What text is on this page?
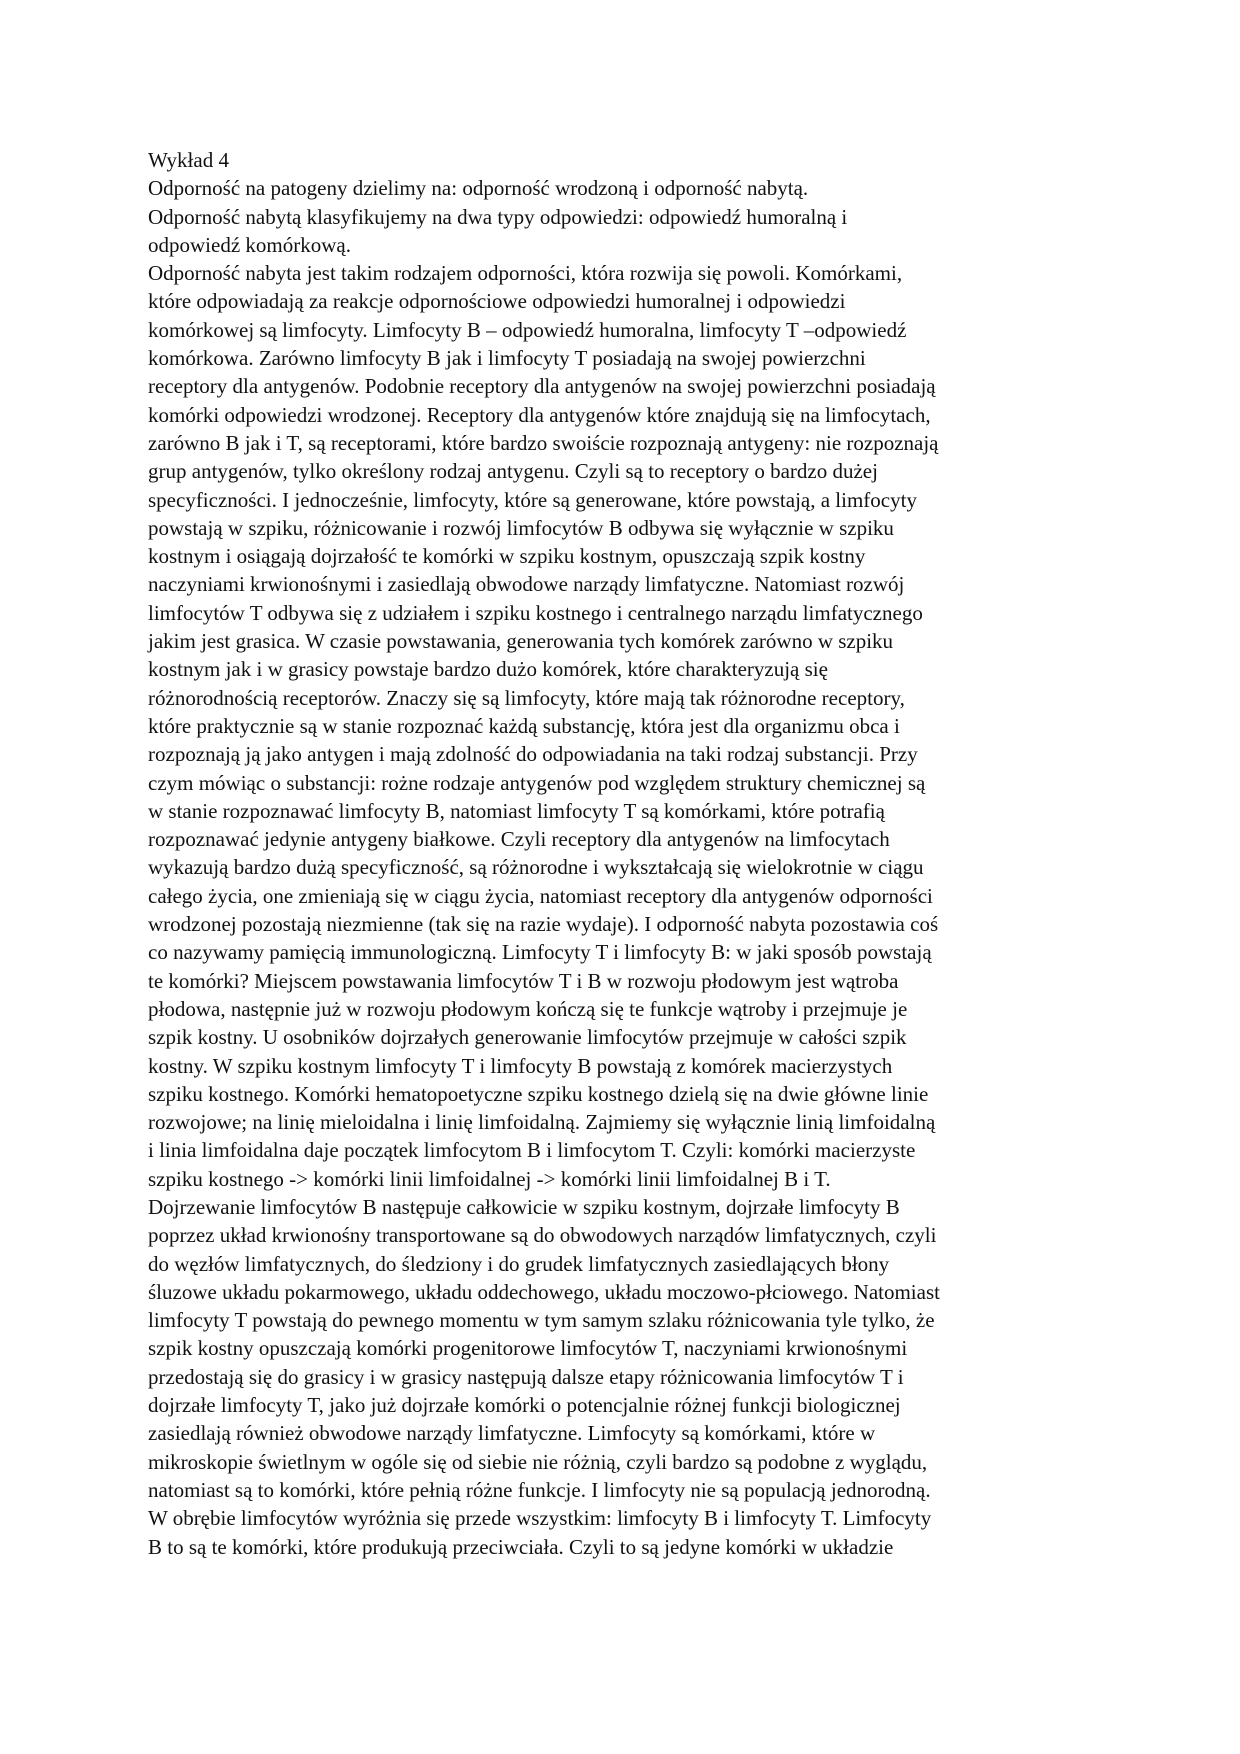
Wykład 4
Odporność na patogeny dzielimy na: odporność wrodzoną i odporność nabytą.
Odporność nabytą klasyfikujemy na dwa typy odpowiedzi: odpowiedź humoralną i
odpowiedź komórkową.
Odporność nabyta jest takim rodzajem odporności, która rozwija się powoli. Komórkami,
które odpowiadają za reakcje odpornościowe odpowiedzi humoralnej i odpowiedzi
komórkowej są limfocyty. Limfocyty B – odpowiedź humoralna, limfocyty T –odpowiedź
komórkowa. Zarówno limfocyty B jak i limfocyty T posiadają na swojej powierzchni
receptory dla antygenów. Podobnie receptory dla antygenów na swojej powierzchni posiadają
komórki odpowiedzi wrodzonej. Receptory dla antygenów które znajdują się na limfocytach,
zarówno B jak i T, są receptorami, które bardzo swoiście rozpoznają antygeny: nie rozpoznają
grup antygenów, tylko określony rodzaj antygenu. Czyli są to receptory o bardzo dużej
specyficzności. I jednocześnie, limfocyty, które są generowane, które powstają, a limfocyty
powstają w szpiku, różnicowanie i rozwój limfocytów B odbywa się wyłącznie w szpiku
kostnym i osiągają dojrzałość te komórki w szpiku kostnym, opuszczają szpik kostny
naczyniami krwionośnymi i zasiedlają obwodowe narządy limfatyczne. Natomiast rozwój
limfocytów T odbywa się z udziałem i szpiku kostnego i centralnego narządu limfatycznego
jakim jest grasica. W czasie powstawania, generowania tych komórek zarówno w szpiku
kostnym jak i w grasicy powstaje bardzo dużo komórek, które charakteryzują się
różnorodnością receptorów. Znaczy się są limfocyty, które mają tak różnorodne receptory,
które praktycznie są w stanie rozpoznać każdą substancję, która jest dla organizmu obca i
rozpoznają ją jako antygen i mają zdolność do odpowiadania na taki rodzaj substancji. Przy
czym mówiąc o substancji: rożne rodzaje antygenów pod względem struktury chemicznej są
w stanie rozpoznawać limfocyty B, natomiast limfocyty T są komórkami, które potrafią
rozpoznawać jedynie antygeny białkowe. Czyli receptory dla antygenów na limfocytach
wykazują bardzo dużą specyficzność, są różnorodne i wykształcają się wielokrotnie w ciągu
całego życia, one zmieniają się w ciągu życia, natomiast receptory dla antygenów odporności
wrodzonej pozostają niezmienne (tak się na razie wydaje). I odporność nabyta pozostawia coś
co nazywamy pamięcią immunologiczną. Limfocyty T i limfocyty B: w jaki sposób powstają
te komórki? Miejscem powstawania limfocytów T i B w rozwoju płodowym jest wątroba
płodowa, następnie już w rozwoju płodowym kończą się te funkcje wątroby i przejmuje je
szpik kostny. U osobników dojrzałych generowanie limfocytów przejmuje w całości szpik
kostny. W szpiku kostnym limfocyty T i limfocyty B powstają z komórek macierzystych
szpiku kostnego. Komórki hematopoetyczne szpiku kostnego dzielą się na dwie główne linie
rozwojowe; na linię mieloidalna i linię limfoidalną. Zajmiemy się wyłącznie linią limfoidalną
i linia limfoidalna daje początek limfocytom B i limfocytom T. Czyli: komórki macierzyste
szpiku kostnego -> komórki linii limfoidalnej -> komórki linii limfoidalnej B i T.
Dojrzewanie limfocytów B następuje całkowicie w szpiku kostnym, dojrzałe limfocyty B
poprzez układ krwionośny transportowane są do obwodowych narządów limfatycznych, czyli
do węzłów limfatycznych, do śledziony i do grudek limfatycznych zasiedlających błony
śluzowe układu pokarmowego, układu oddechowego, układu moczowo-płciowego. Natomiast
limfocyty T powstają do pewnego momentu w tym samym szlaku różnicowania tyle tylko, że
szpik kostny opuszczają komórki progenitorowe limfocytów T, naczyniami krwionośnymi
przedostają się do grasicy i w grasicy następują dalsze etapy różnicowania limfocytów T i
dojrzałe limfocyty T, jako już dojrzałe komórki o potencjalnie różnej funkcji biologicznej
zasiedlają również obwodowe narządy limfatyczne. Limfocyty są komórkami, które w
mikroskopie świetlnym w ogóle się od siebie nie różnią, czyli bardzo są podobne z wyglądu,
natomiast są to komórki, które pełnią różne funkcje. I limfocyty nie są populacją jednorodną.
W obrębie limfocytów wyróżnia się przede wszystkim: limfocyty B i limfocyty T. Limfocyty
B to są te komórki, które produkują przeciwciała. Czyli to są jedyne komórki w układzie
